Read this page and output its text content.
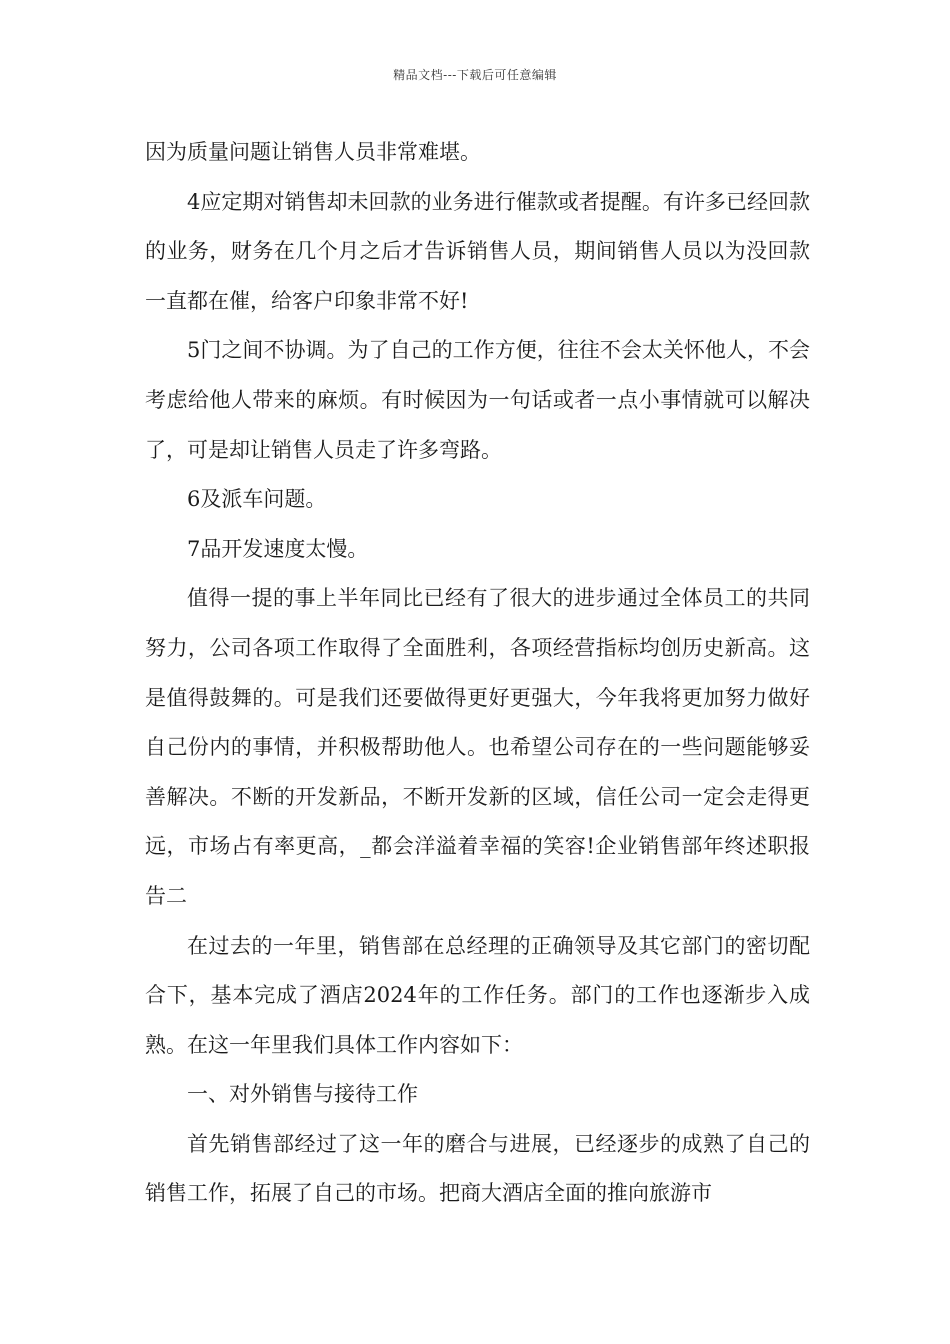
精品文档---下载后可任意编辑

因为质量问题让销售人员非常难堪。

4应定期对销售却未回款的业务进行催款或者提醒。有许多已经回款的业务，财务在几个月之后才告诉销售人员，期间销售人员以为没回款一直都在催，给客户印象非常不好!

5门之间不协调。为了自己的工作方便，往往不会太关怀他人，不会考虑给他人带来的麻烦。有时候因为一句话或者一点小事情就可以解决了，可是却让销售人员走了许多弯路。

6及派车问题。

7品开发速度太慢。

值得一提的事上半年同比已经有了很大的进步通过全体员工的共同努力，公司各项工作取得了全面胜利，各项经营指标均创历史新高。这是值得鼓舞的。可是我们还要做得更好更强大，今年我将更加努力做好自己份内的事情，并积极帮助他人。也希望公司存在的一些问题能够妥善解决。不断的开发新品，不断开发新的区域，信任公司一定会走得更远，市场占有率更高，_都会洋溢着幸福的笑容!企业销售部年终述职报告二

在过去的一年里，销售部在总经理的正确领导及其它部门的密切配合下，基本完成了酒店2024年的工作任务。部门的工作也逐渐步入成熟。在这一年里我们具体工作内容如下：

一、对外销售与接待工作

首先销售部经过了这一年的磨合与进展，已经逐步的成熟了自己的销售工作，拓展了自己的市场。把商大酒店全面的推向旅游市
